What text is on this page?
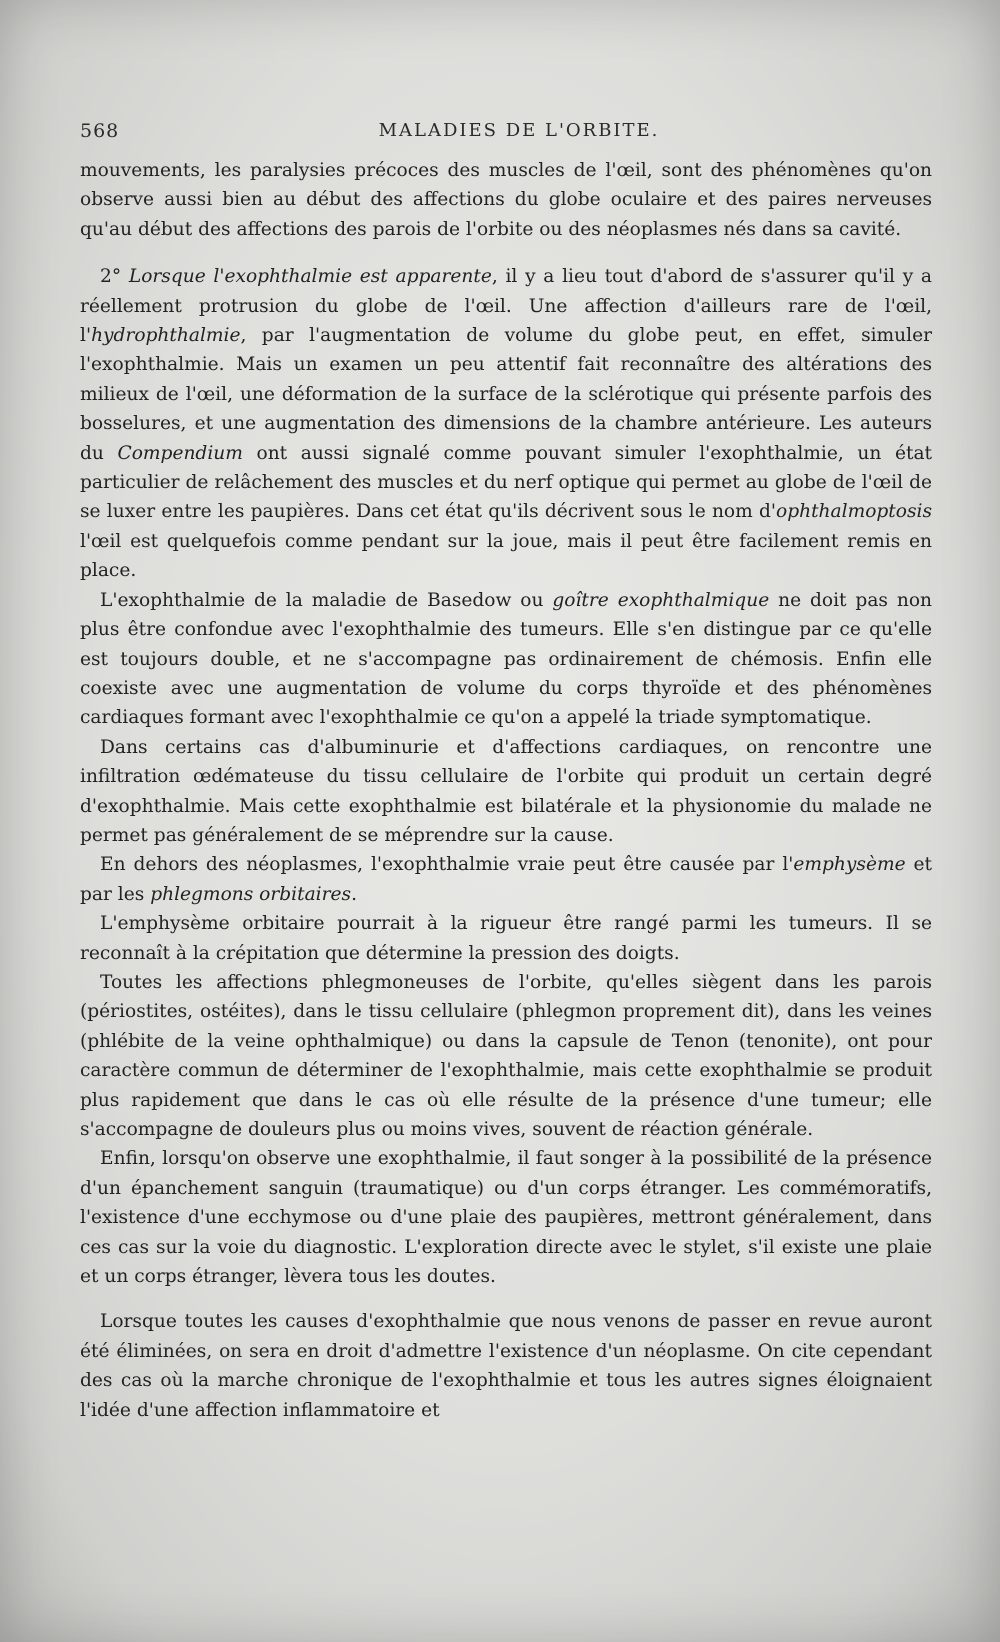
568	MALADIES DE L'ORBITE.

mouvements, les paralysies précoces des muscles de l'œil, sont des phénomènes qu'on observe aussi bien au début des affections du globe oculaire et des paires nerveuses qu'au début des affections des parois de l'orbite ou des néoplasmes nés dans sa cavité.

2° Lorsque l'exophthalmie est apparente, il y a lieu tout d'abord de s'assurer qu'il y a réellement protrusion du globe de l'œil. Une affection d'ailleurs rare de l'œil, l'hydrophthalmie, par l'augmentation de volume du globe peut, en effet, simuler l'exophthalmie. Mais un examen un peu attentif fait reconnaître des altérations des milieux de l'œil, une déformation de la surface de la sclérotique qui présente parfois des bosselures, et une augmentation des dimensions de la chambre antérieure. Les auteurs du Compendium ont aussi signalé comme pouvant simuler l'exophthalmie, un état particulier de relâchement des muscles et du nerf optique qui permet au globe de l'œil de se luxer entre les paupières. Dans cet état qu'ils décrivent sous le nom d'ophthalmoptosis l'œil est quelquefois comme pendant sur la joue, mais il peut être facilement remis en place.

L'exophthalmie de la maladie de Basedow ou goître exophthalmique ne doit pas non plus être confondue avec l'exophthalmie des tumeurs. Elle s'en distingue par ce qu'elle est toujours double, et ne s'accompagne pas ordinairement de chémosis. Enfin elle coexiste avec une augmentation de volume du corps thyroïde et des phénomènes cardiaques formant avec l'exophthalmie ce qu'on a appelé la triade symptomatique.

Dans certains cas d'albuminurie et d'affections cardiaques, on rencontre une infiltration œdémateuse du tissu cellulaire de l'orbite qui produit un certain degré d'exophthalmie. Mais cette exophthalmie est bilatérale et la physionomie du malade ne permet pas généralement de se méprendre sur la cause.

En dehors des néoplasmes, l'exophthalmie vraie peut être causée par l'emphysème et par les phlegmons orbitaires.

L'emphysème orbitaire pourrait à la rigueur être rangé parmi les tumeurs. Il se reconnaît à la crépitation que détermine la pression des doigts.

Toutes les affections phlegmoneuses de l'orbite, qu'elles siègent dans les parois (périostites, ostéites), dans le tissu cellulaire (phlegmon proprement dit), dans les veines (phlébite de la veine ophthalmique) ou dans la capsule de Tenon (tenonite), ont pour caractère commun de déterminer de l'exophthalmie, mais cette exophthalmie se produit plus rapidement que dans le cas où elle résulte de la présence d'une tumeur; elle s'accompagne de douleurs plus ou moins vives, souvent de réaction générale.

Enfin, lorsqu'on observe une exophthalmie, il faut songer à la possibilité de la présence d'un épanchement sanguin (traumatique) ou d'un corps étranger. Les commémoratifs, l'existence d'une ecchymose ou d'une plaie des paupières, mettront généralement, dans ces cas sur la voie du diagnostic. L'exploration directe avec le stylet, s'il existe une plaie et un corps étranger, lèvera tous les doutes.

Lorsque toutes les causes d'exophthalmie que nous venons de passer en revue auront été éliminées, on sera en droit d'admettre l'existence d'un néoplasme. On cite cependant des cas où la marche chronique de l'exophthalmie et tous les autres signes éloignaient l'idée d'une affection inflammatoire et
